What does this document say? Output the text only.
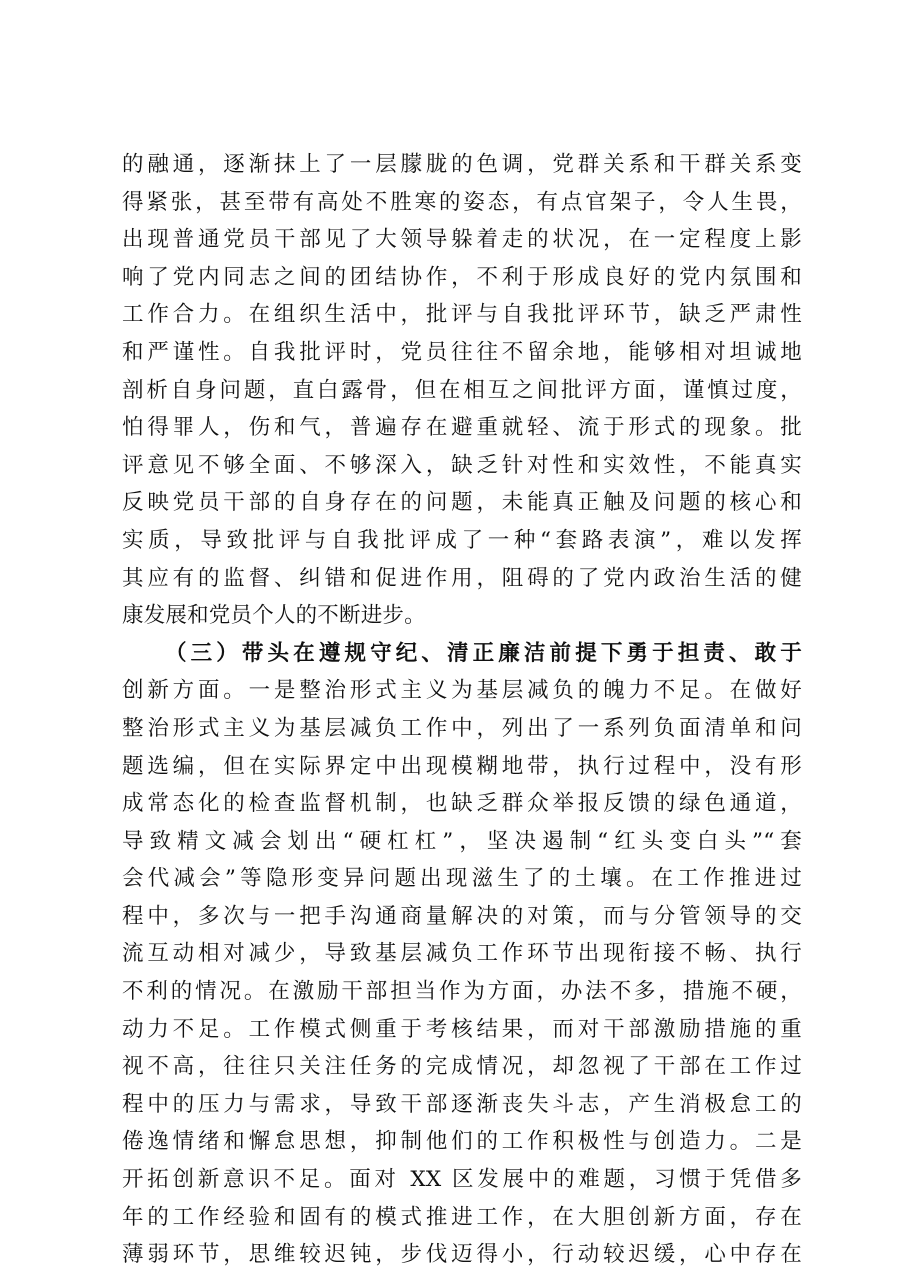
的融通，逐渐抹上了一层朦胧的色调，党群关系和干群关系变
得紧张，甚至带有高处不胜寒的姿态，有点官架子，令人生畏，
出现普通党员干部见了大领导躲着走的状况，在一定程度上影
响了党内同志之间的团结协作，不利于形成良好的党内氛围和
工作合力。在组织生活中，批评与自我批评环节，缺乏严肃性
和严谨性。自我批评时，党员往往不留余地，能够相对坦诚地
剖析自身问题，直白露骨，但在相互之间批评方面，谨慎过度，
怕得罪人，伤和气，普遍存在避重就轻、流于形式的现象。批
评意见不够全面、不够深入，缺乏针对性和实效性，不能真实
反映党员干部的自身存在的问题，未能真正触及问题的核心和
实质，导致批评与自我批评成了一种“套路表演”，难以发挥
其应有的监督、纠错和促进作用，阻碍的了党内政治生活的健
康发展和党员个人的不断进步。
（三）带头在遵规守纪、清正廉洁前提下勇于担责、敢于
创新方面。一是整治形式主义为基层减负的魄力不足。在做好
整治形式主义为基层减负工作中，列出了一系列负面清单和问
题选编，但在实际界定中出现模糊地带，执行过程中，没有形
成常态化的检查监督机制，也缺乏群众举报反馈的绿色通道，
导致精文减会划出“硬杠杠”，坚决遏制“红头变白头”“套
会代减会”等隐形变异问题出现滋生了的土壤。在工作推进过
程中，多次与一把手沟通商量解决的对策，而与分管领导的交
流互动相对减少，导致基层减负工作环节出现衔接不畅、执行
不利的情况。在激励干部担当作为方面，办法不多，措施不硬，
动力不足。工作模式侧重于考核结果，而对干部激励措施的重
视不高，往往只关注任务的完成情况，却忽视了干部在工作过
程中的压力与需求，导致干部逐渐丧失斗志，产生消极怠工的
倦逸情绪和懈怠思想，抑制他们的工作积极性与创造力。二是
开拓创新意识不足。面对 XX 区发展中的难题，习惯于凭借多
年的工作经验和固有的模式推进工作，在大胆创新方面，存在
薄弱环节，思维较迟钝，步伐迈得小，行动较迟缓，心中存在
